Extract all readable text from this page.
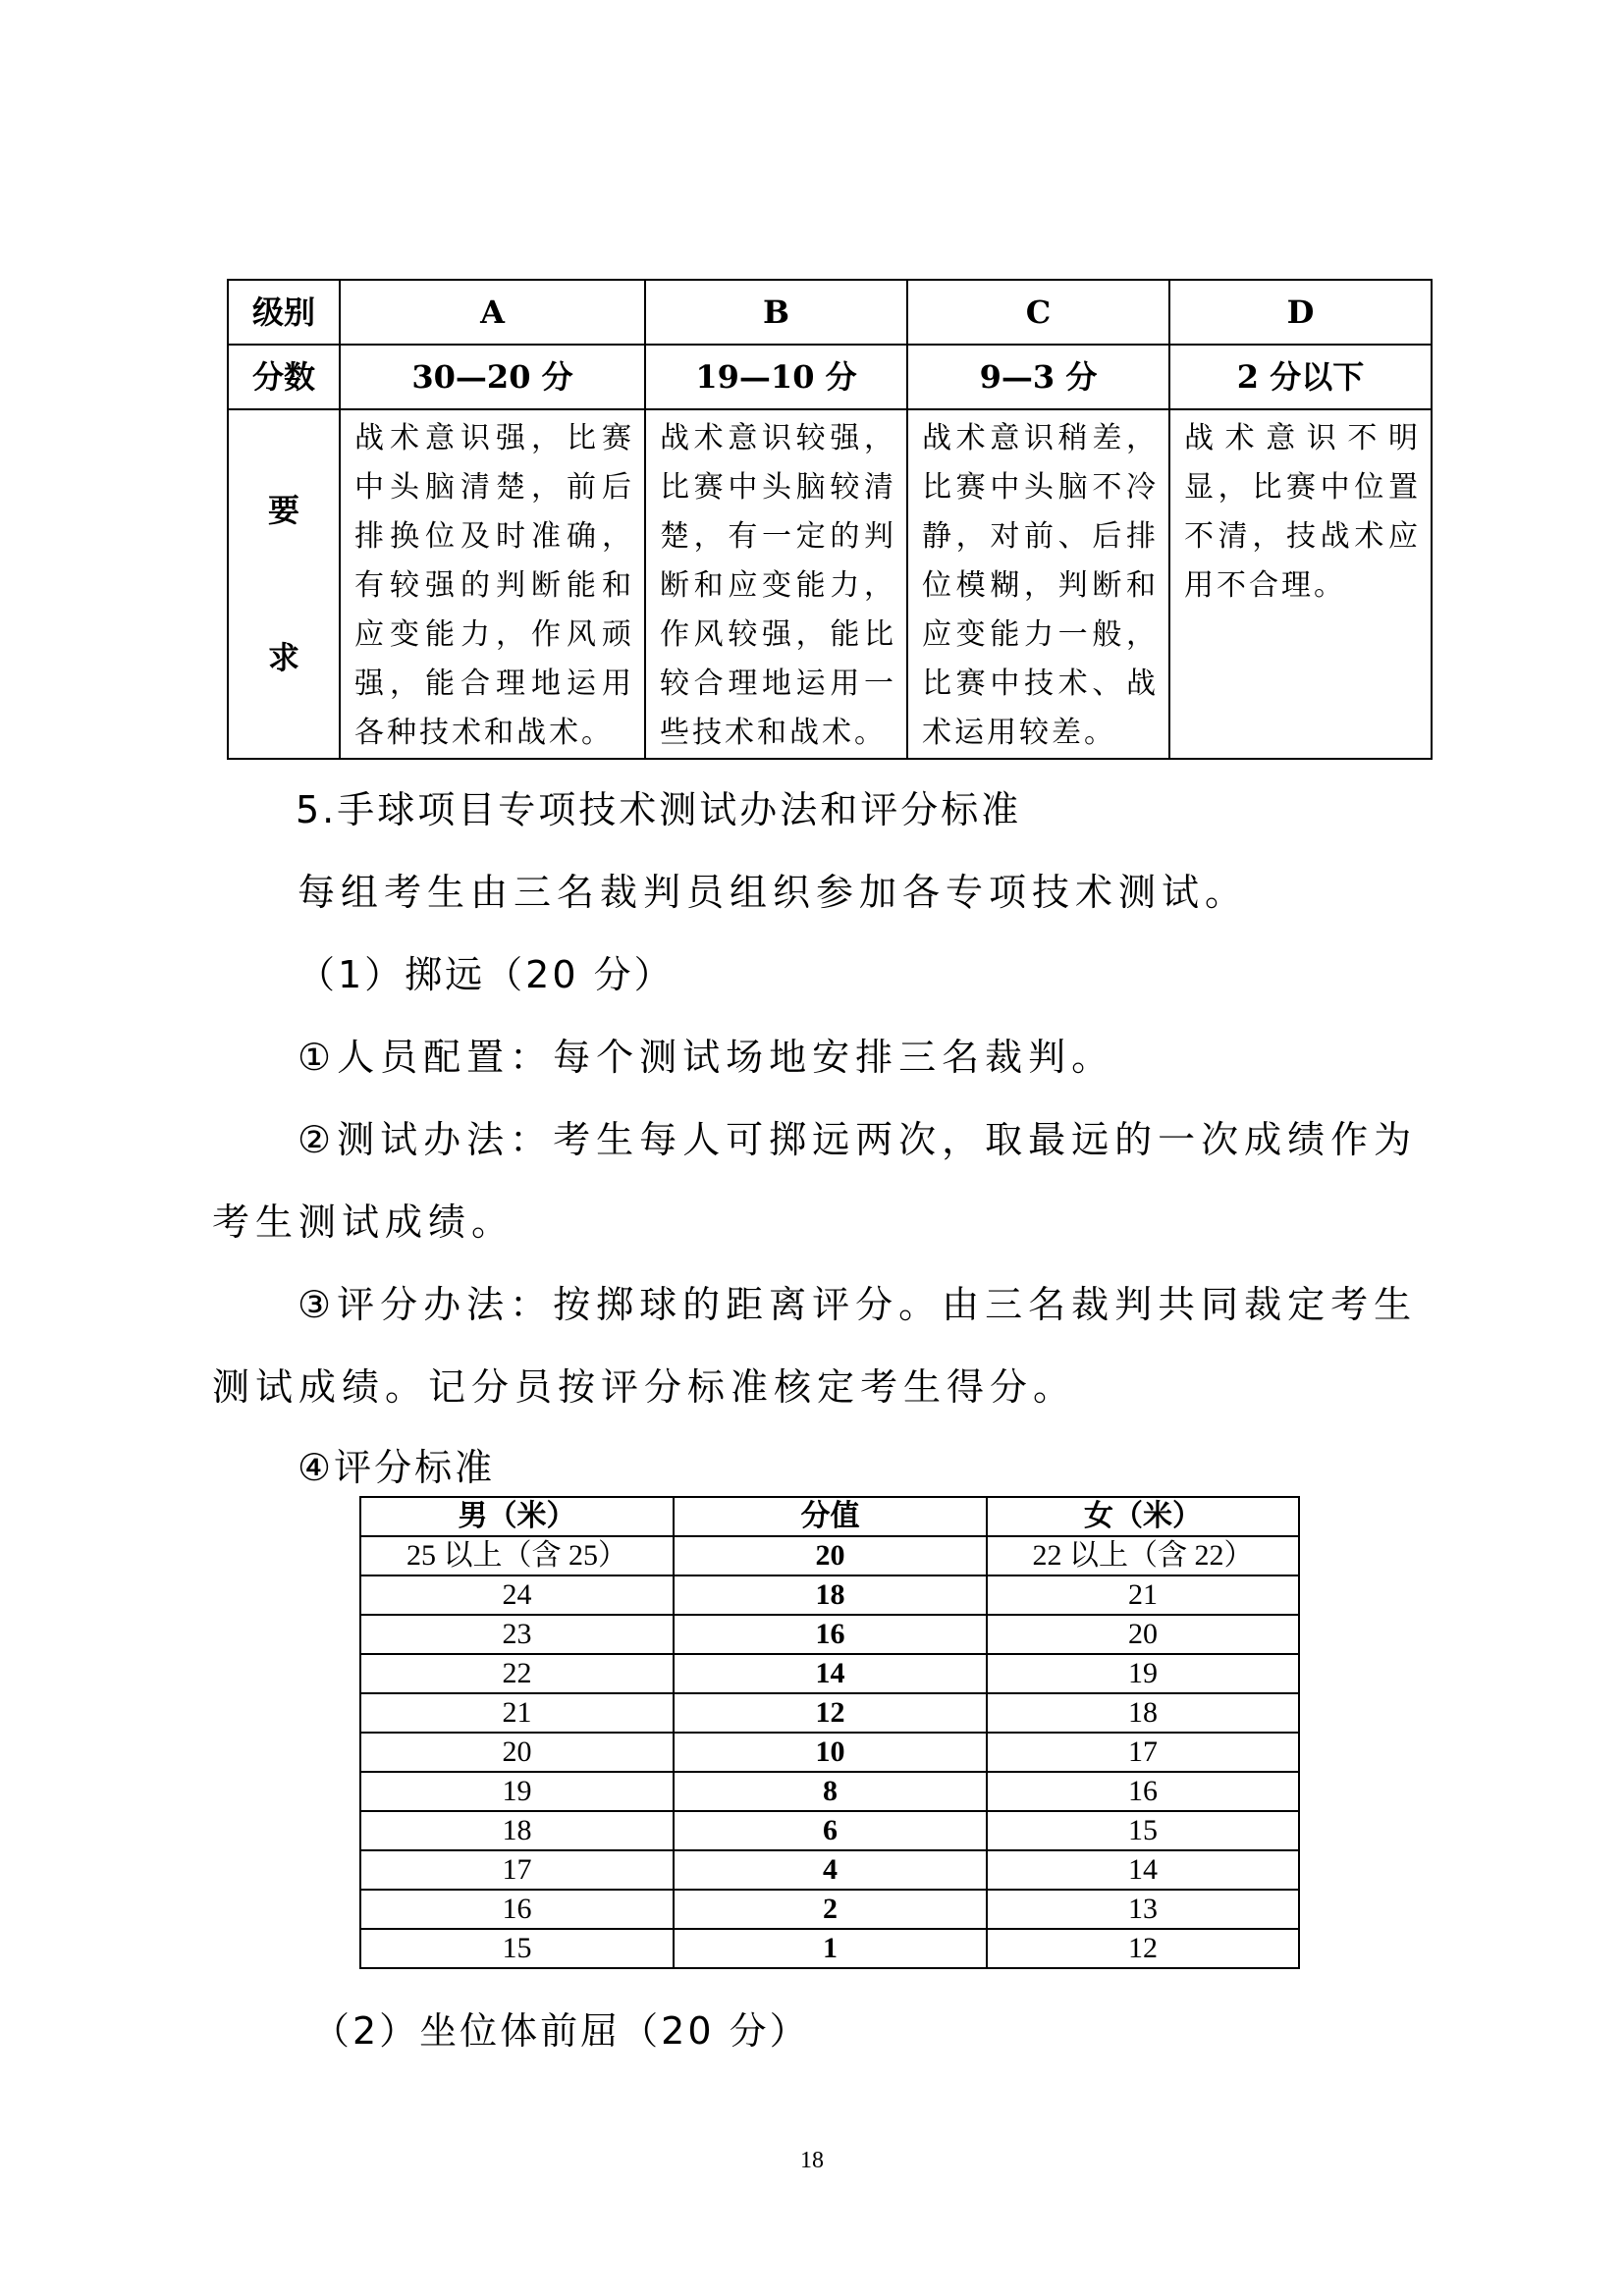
级别	A	B	C	D
分数	30—20 分	19—10 分	9—3 分	2 分以下

要
求	战术意识强，比赛中头脑清楚，前后排换位及时准确，有较强的判断能和应变能力，作风顽强，能合理地运用各种技术和战术。	战术意识较强，比赛中头脑较清楚，有一定的判断和应变能力，作风较强，能比较合理地运用一些技术和战术。	战术意识稍差，比赛中头脑不冷静，对前、后排位模糊，判断和应变能力一般，比赛中技术、战术运用较差。	战术意识不明显，比赛中位置不清，技战术应用不合理。
5.手球项目专项技术测试办法和评分标准
每组考生由三名裁判员组织参加各专项技术测试。
（1）掷远（20 分）
①人员配置：每个测试场地安排三名裁判。
②测试办法：考生每人可掷远两次，取最远的一次成绩作为
考生测试成绩。
③评分办法：按掷球的距离评分。由三名裁判共同裁定考生
测试成绩。记分员按评分标准核定考生得分。
④评分标准
男（米）	分值	女（米）
25 以上（含 25）	20	22 以上（含 22）
24	18	21
23	16	20
22	14	19
21	12	18
20	10	17
19	8	16
18	6	15
17	4	14
16	2	13
15	1	12
（2）坐位体前屈（20 分）
18
